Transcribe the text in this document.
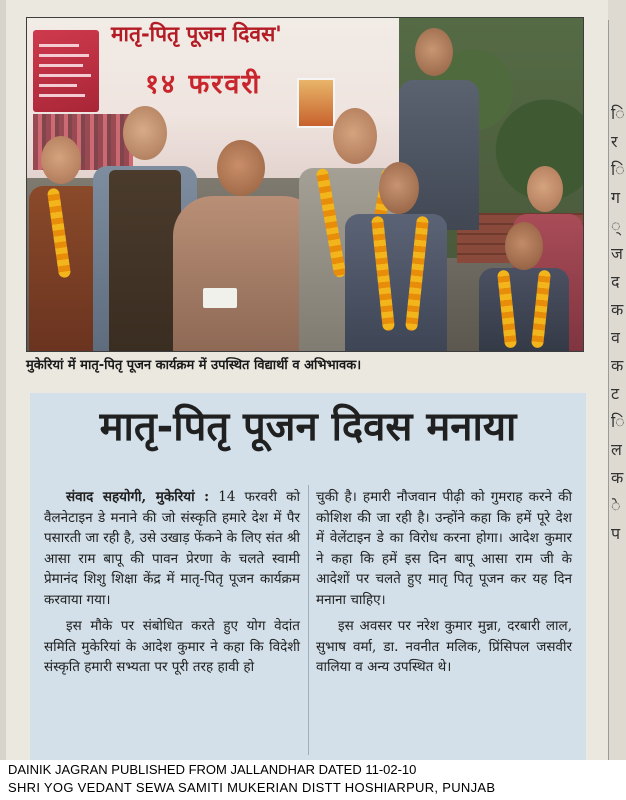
ि
र
ि
ग
्
ज
द
क
व
क
ट
ि
ल
क
े
प
मातृ-पितृ पूजन दिवस'
१४ फरवरी
मुकेरियां में मातृ-पितृ पूजन कार्यक्रम में उपस्थित विद्यार्थी व अभिभावक।
मातृ-पितृ पूजन दिवस मनाया

संवाद सहयोगी, मुकेरियां : 14 फरवरी को वैलनेटाइन डे मनाने की जो संस्कृति हमारे देश में पैर पसारती जा रही है, उसे उखाड़ फेंकने के लिए संत श्री आसा राम बापू की पावन प्रेरणा के चलते स्वामी प्रेमानंद शिशु शिक्षा केंद्र में मातृ-पितृ पूजन कार्यक्रम करवाया गया।

इस मौके पर संबोधित करते हुए योग वेदांत समिति मुकेरियां के आदेश कुमार ने कहा कि विदेशी संस्कृति हमारी सभ्यता पर पूरी तरह हावी हो

चुकी है। हमारी नौजवान पीढ़ी को गुमराह करने की कोशिश की जा रही है। उन्होंने कहा कि हमें पूरे देश में वेलेंटाइन डे का विरोध करना होगा। आदेश कुमार ने कहा कि हमें इस दिन बापू आसा राम जी के आदेशों पर चलते हुए मातृ पितृ पूजन कर यह दिन मनाना चाहिए।

इस अवसर पर नरेश कुमार मुन्ना, दरबारी लाल, सुभाष वर्मा, डा. नवनीत मलिक, प्रिंसिपल जसवीर वालिया व अन्य उपस्थित थे।

DAINIK JAGRAN PUBLISHED FROM JALLANDHAR DATED 11-02-10
SHRI YOG VEDANT SEWA SAMITI MUKERIAN DISTT HOSHIARPUR, PUNJAB
